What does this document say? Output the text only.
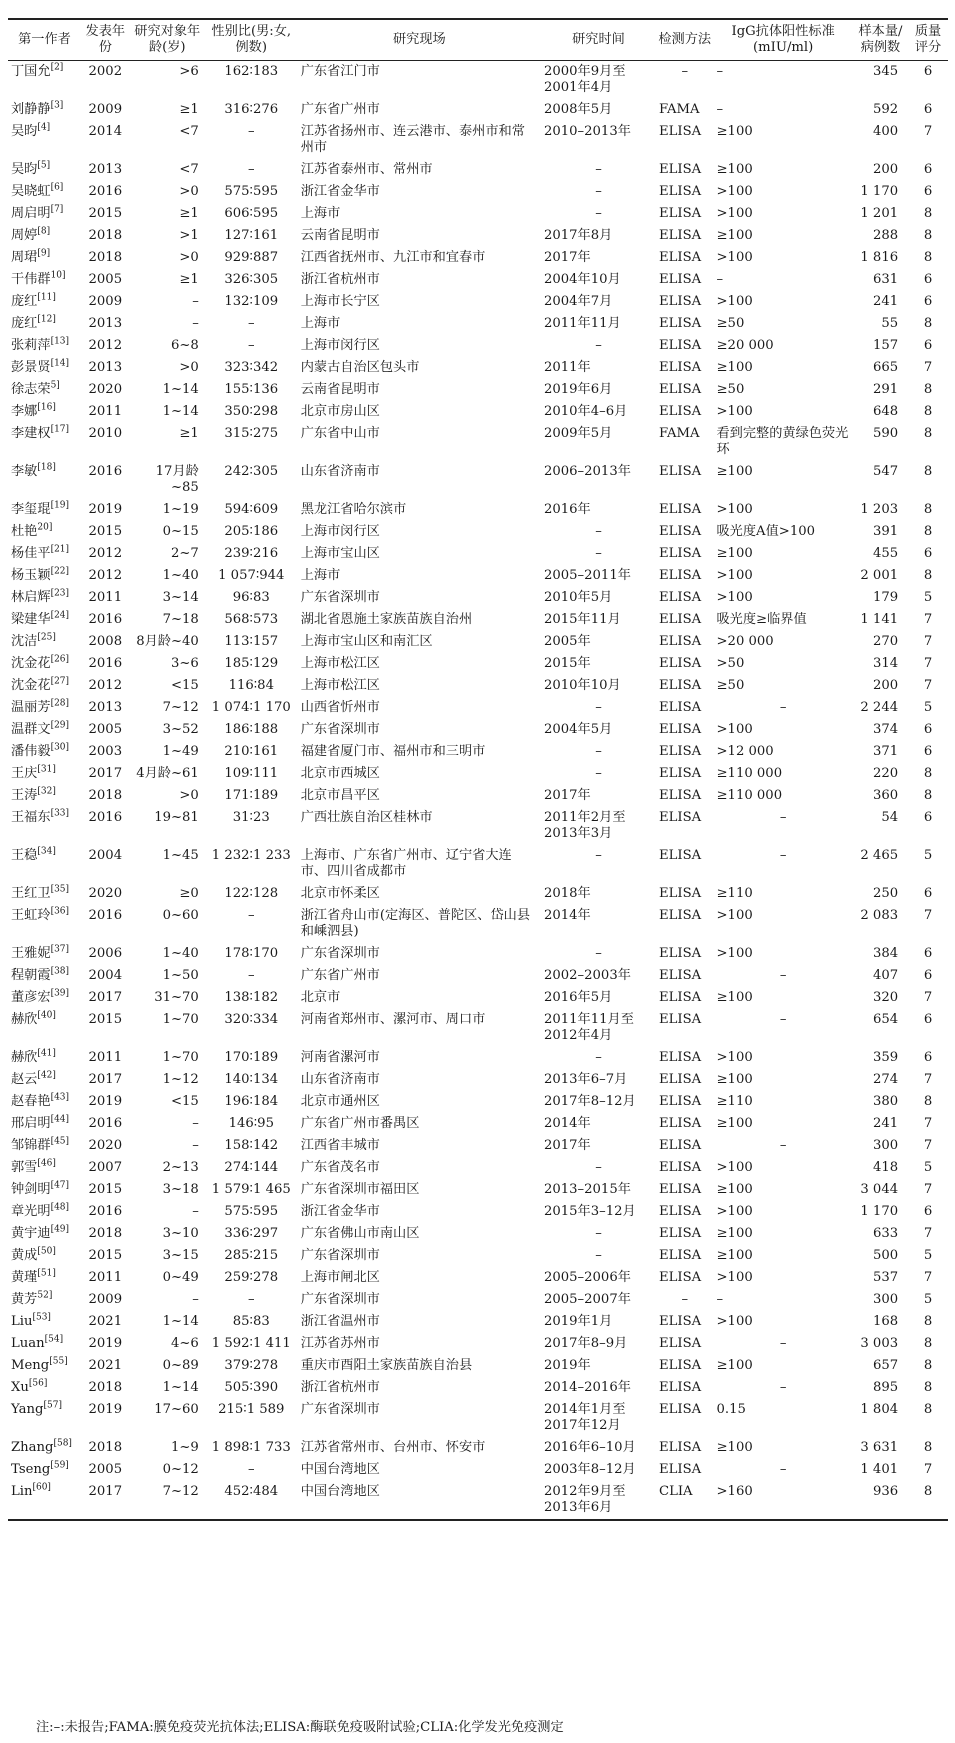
第一作者	发表年份	研究对象年龄(岁)	性别比(男:女,例数)	研究现场	研究时间	检测方法	IgG抗体阳性标准(mIU/ml)	样本量/病例数	质量评分
丁国允[2]	2002	>6	162∶183	广东省江门市	2000年9月至2001年4月	–	–	345	6
刘静静[3]	2009	≥1	316∶276	广东省广州市	2008年5月	FAMA	–	592	6
吴昀[4]	2014	<7	–	江苏省扬州市、连云港市、泰州市和常州市	2010–2013年	ELISA	≥100	400	7
吴昀[5]	2013	<7	–	江苏省泰州市、常州市	–	ELISA	≥100	200	6
吴晓虹[6]	2016	>0	575∶595	浙江省金华市	–	ELISA	>100	1 170	6
周启明[7]	2015	≥1	606∶595	上海市	–	ELISA	>100	1 201	8
周婷[8]	2018	>1	127∶161	云南省昆明市	2017年8月	ELISA	≥100	288	8
周珺[9]	2018	>0	929∶887	江西省抚州市、九江市和宜春市	2017年	ELISA	>100	1 816	8
干伟群$^{10]}$	2005	≥1	326∶305	浙江省杭州市	2004年10月	ELISA	–	631	6
庞红[11]	2009	–	132∶109	上海市长宁区	2004年7月	ELISA	>100	241	6
庞红[12]	2013	–	–	上海市	2011年11月	ELISA	≥50	55	8
张莉萍[13]	2012	6~8	–	上海市闵行区	–	ELISA	≥20 000	157	6
彭景贤[14]	2013	>0	323∶342	内蒙古自治区包头市	2011年	ELISA	≥100	665	7
徐志荣$^{5]}$	2020	1~14	155∶136	云南省昆明市	2019年6月	ELISA	≥50	291	8
李娜[16]	2011	1~14	350∶298	北京市房山区	2010年4–6月	ELISA	>100	648	8
李建权[17]	2010	≥1	315∶275	广东省中山市	2009年5月	FAMA	看到完整的黄绿色荧光环	590	8
李敏[18]	2016	17月龄~85	242∶305	山东省济南市	2006–2013年	ELISA	≥100	547	8
李玺琨[19]	2019	1~19	594∶609	黑龙江省哈尔滨市	2016年	ELISA	>100	1 203	8
杜艳$^{20]}$	2015	0~15	205∶186	上海市闵行区	–	ELISA	吸光度A值>100	391	8
杨佳平[21]	2012	2~7	239∶216	上海市宝山区	–	ELISA	≥100	455	6
杨玉颖[22]	2012	1~40	1 057∶944	上海市	2005–2011年	ELISA	>100	2 001	8
林启辉[23]	2011	3~14	96∶83	广东省深圳市	2010年5月	ELISA	>100	179	5
梁建华[24]	2016	7~18	568∶573	湖北省恩施土家族苗族自治州	2015年11月	ELISA	吸光度≥临界值	1 141	7
沈洁[25]	2008	8月龄~40	113∶157	上海市宝山区和南汇区	2005年	ELISA	>20 000	270	7
沈金花[26]	2016	3~6	185∶129	上海市松江区	2015年	ELISA	>50	314	7
沈金花[27]	2012	<15	116∶84	上海市松江区	2010年10月	ELISA	≥50	200	7
温丽芳[28]	2013	7~12	1 074∶1 170	山西省忻州市	–	ELISA	–	2 244	5
温群文[29]	2005	3~52	186∶188	广东省深圳市	2004年5月	ELISA	>100	374	6
潘伟毅[30]	2003	1~49	210∶161	福建省厦门市、福州市和三明市	–	ELISA	>12 000	371	6
王庆[31]	2017	4月龄~61	109∶111	北京市西城区	–	ELISA	≥110 000	220	8
王涛[32]	2018	>0	171∶189	北京市昌平区	2017年	ELISA	≥110 000	360	8
王福东[33]	2016	19~81	31∶23	广西壮族自治区桂林市	2011年2月至2013年3月	ELISA	–	54	6
王稳[34]	2004	1~45	1 232∶1 233	上海市、广东省广州市、辽宁省大连市、四川省成都市	–	ELISA	–	2 465	5
王红卫[35]	2020	≥0	122∶128	北京市怀柔区	2018年	ELISA	≥110	250	6
王虹玲[36]	2016	0~60	–	浙江省舟山市(定海区、普陀区、岱山县和嵊泗县)	2014年	ELISA	>100	2 083	7
王雅妮[37]	2006	1~40	178∶170	广东省深圳市	–	ELISA	>100	384	6
程朝霞[38]	2004	1~50	–	广东省广州市	2002–2003年	ELISA	–	407	6
董彦宏[39]	2017	31~70	138∶182	北京市	2016年5月	ELISA	≥100	320	7
赫欣[40]	2015	1~70	320∶334	河南省郑州市、漯河市、周口市	2011年11月至2012年4月	ELISA	–	654	6
赫欣[41]	2011	1~70	170∶189	河南省漯河市	–	ELISA	>100	359	6
赵云[42]	2017	1~12	140∶134	山东省济南市	2013年6–7月	ELISA	≥100	274	7
赵春艳[43]	2019	<15	196∶184	北京市通州区	2017年8–12月	ELISA	≥110	380	8
邢启明[44]	2016	–	146∶95	广东省广州市番禺区	2014年	ELISA	≥100	241	7
邹锦群[45]	2020	–	158∶142	江西省丰城市	2017年	ELISA	–	300	7
郭雪[46]	2007	2~13	274∶144	广东省茂名市	–	ELISA	>100	418	5
钟剑明[47]	2015	3~18	1 579∶1 465	广东省深圳市福田区	2013–2015年	ELISA	≥100	3 044	7
章光明[48]	2016	–	575∶595	浙江省金华市	2015年3–12月	ELISA	>100	1 170	6
黄宇迪[49]	2018	3~10	336∶297	广东省佛山市南山区	–	ELISA	≥100	633	7
黄成[50]	2015	3~15	285∶215	广东省深圳市	–	ELISA	≥100	500	5
黄瑾[51]	2011	0~49	259∶278	上海市闸北区	2005–2006年	ELISA	>100	537	7
黄芳$^{52]}$	2009	–	–	广东省深圳市	2005–2007年	–	–	300	5
Liu[53]	2021	1~14	85∶83	浙江省温州市	2019年1月	ELISA	>100	168	8
Luan[54]	2019	4~6	1 592∶1 411	江苏省苏州市	2017年8–9月	ELISA	–	3 003	8
Meng[55]	2021	0~89	379∶278	重庆市酉阳土家族苗族自治县	2019年	ELISA	≥100	657	8
Xu[56]	2018	1~14	505∶390	浙江省杭州市	2014–2016年	ELISA	–	895	8
Yang[57]	2019	17~60	215∶1 589	广东省深圳市	2014年1月至2017年12月	ELISA	0.15	1 804	8
Zhang[58]	2018	1~9	1 898∶1 733	江苏省常州市、台州市、怀安市	2016年6–10月	ELISA	≥100	3 631	8
Tseng[59]	2005	0~12	–	中国台湾地区	2003年8–12月	ELISA	–	1 401	7
Lin[60]	2017	7~12	452∶484	中国台湾地区	2012年9月至2013年6月	CLIA	>160	936	8
注:–:未报告;FAMA:膜免疫荧光抗体法;ELISA:酶联免疫吸附试验;CLIA:化学发光免疫测定
